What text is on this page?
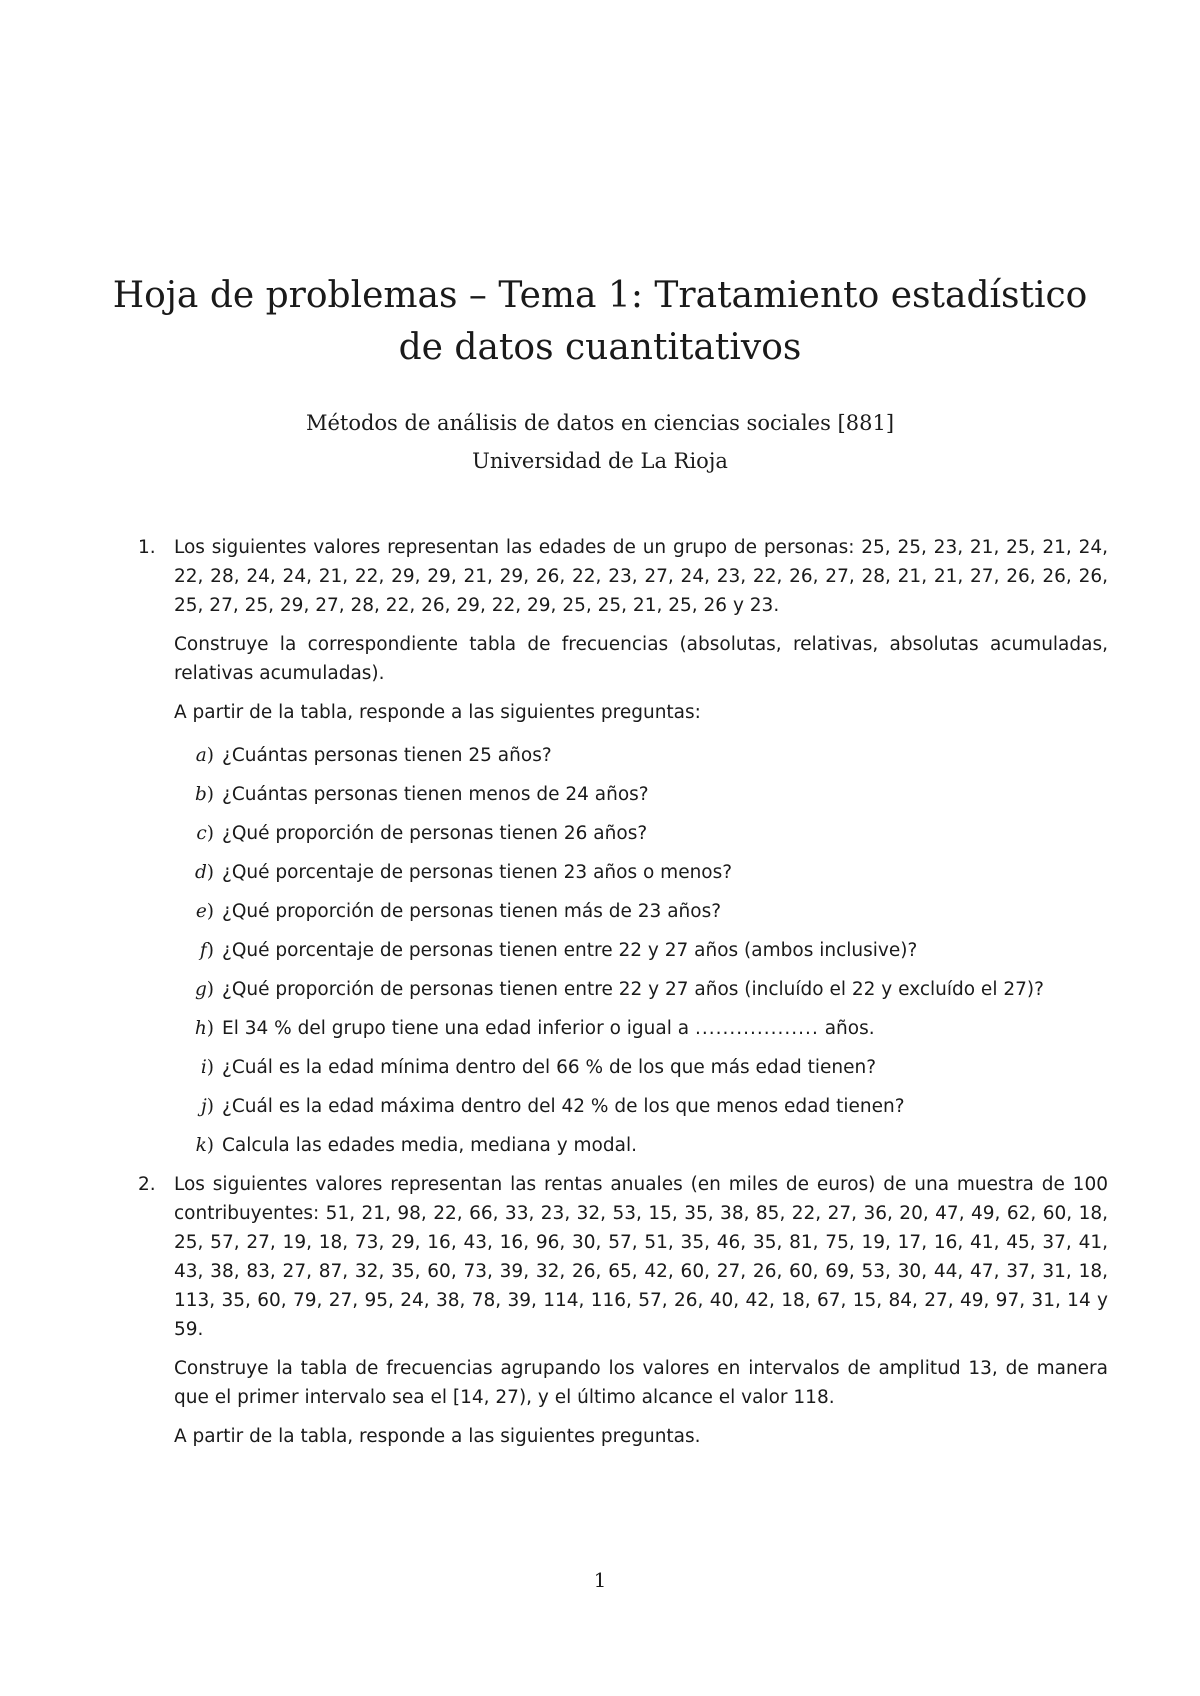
Hoja de problemas – Tema 1: Tratamiento estadístico de datos cuantitativos
Métodos de análisis de datos en ciencias sociales [881]
Universidad de La Rioja
1. Los siguientes valores representan las edades de un grupo de personas: 25, 25, 23, 21, 25, 21, 24, 22, 28, 24, 24, 21, 22, 29, 29, 21, 29, 26, 22, 23, 27, 24, 23, 22, 26, 27, 28, 21, 21, 27, 26, 26, 26, 25, 27, 25, 29, 27, 28, 22, 26, 29, 22, 29, 25, 25, 21, 25, 26 y 23.

Construye la correspondiente tabla de frecuencias (absolutas, relativas, absolutas acumuladas, relativas acumuladas).

A partir de la tabla, responde a las siguientes preguntas:

a) ¿Cuántas personas tienen 25 años?
b) ¿Cuántas personas tienen menos de 24 años?
c) ¿Qué proporción de personas tienen 26 años?
d) ¿Qué porcentaje de personas tienen 23 años o menos?
e) ¿Qué proporción de personas tienen más de 23 años?
f) ¿Qué porcentaje de personas tienen entre 22 y 27 años (ambos inclusive)?
g) ¿Qué proporción de personas tienen entre 22 y 27 años (incluído el 22 y excluído el 27)?
h) El 34 % del grupo tiene una edad inferior o igual a .................. años.
i) ¿Cuál es la edad mínima dentro del 66 % de los que más edad tienen?
j) ¿Cuál es la edad máxima dentro del 42 % de los que menos edad tienen?
k) Calcula las edades media, mediana y modal.
2. Los siguientes valores representan las rentas anuales (en miles de euros) de una muestra de 100 contribuyentes: 51, 21, 98, 22, 66, 33, 23, 32, 53, 15, 35, 38, 85, 22, 27, 36, 20, 47, 49, 62, 60, 18, 25, 57, 27, 19, 18, 73, 29, 16, 43, 16, 96, 30, 57, 51, 35, 46, 35, 81, 75, 19, 17, 16, 41, 45, 37, 41, 43, 38, 83, 27, 87, 32, 35, 60, 73, 39, 32, 26, 65, 42, 60, 27, 26, 60, 69, 53, 30, 44, 47, 37, 31, 18, 113, 35, 60, 79, 27, 95, 24, 38, 78, 39, 114, 116, 57, 26, 40, 42, 18, 67, 15, 84, 27, 49, 97, 31, 14 y 59.

Construye la tabla de frecuencias agrupando los valores en intervalos de amplitud 13, de manera que el primer intervalo sea el [14, 27), y el último alcance el valor 118.

A partir de la tabla, responde a las siguientes preguntas.

1
